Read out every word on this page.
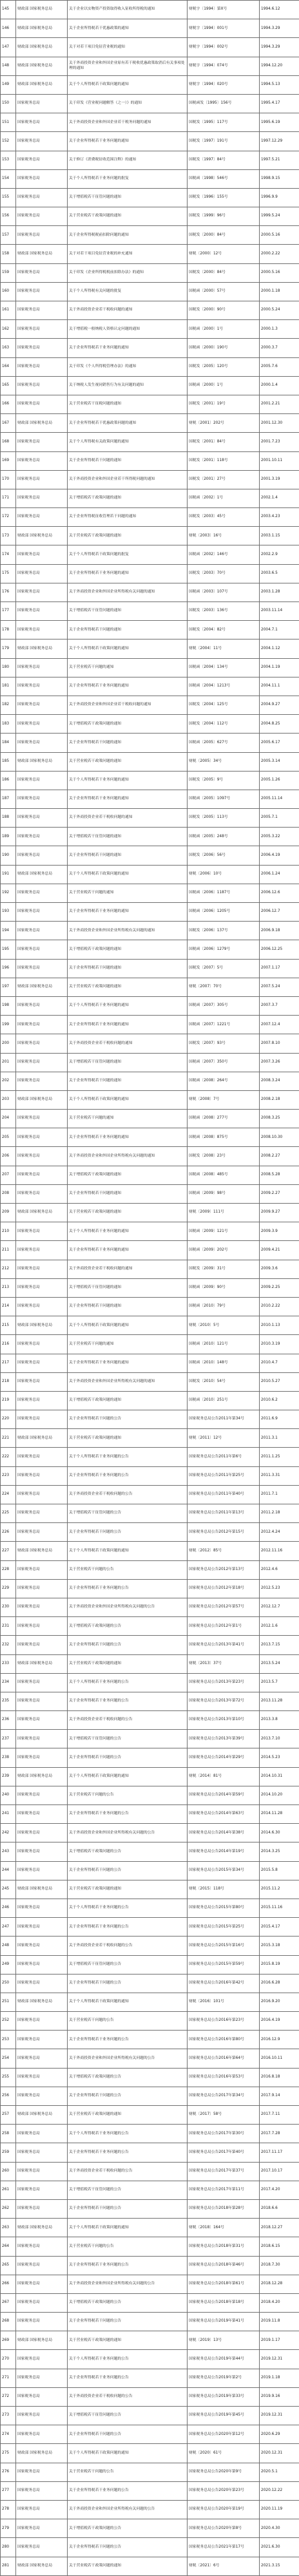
145	财政部 国家税务总局	关于企业以实物资产投资取得收入征收所得税的通知	财税字〔1994〕第X号	1994.6.12
146	财政部 国家税务总局	关于企业所得税若干优惠政策的通知	财税字〔1994〕001号	1994.3.29
147	财政部 国家税务总局	关于对若干项目免征营业税的通知	财税字〔1994〕002号	1994.3.29
148	财政部 国家税务总局	关于外商投资企业和外国企业原有若干税收优惠政策取消后有关事项处理的通知	财税字〔1994〕074号	1994.12.20
149	财政部 国家税务总局	关于个人所得税若干政策问题的通知	财税字〔1994〕020号	1994.5.13
150	国家税务总局	关于印发《营业税问题解答（之一）》的通知	国税函发〔1995〕156号	1995.4.17
151	国家税务总局	关于外商投资企业和外国企业若干税务问题的通知	国税发〔1995〕117号	1995.6.19
152	国家税务总局	关于企业所得税若干业务问题的通知	国税发〔1997〕191号	1997.12.29
153	国家税务总局	关于修订《消费税征收范围注释》的通知	国税发〔1997〕84号	1997.5.21
154	国家税务总局	关于个人所得税若干业务问题的批复	国税函〔1998〕546号	1998.9.15
155	国家税务总局	关于增值税若干征管问题的通知	国税发〔1996〕155号	1996.9.9
156	国家税务总局	关于营业税若干政策问题的通知	国税发〔1999〕96号	1999.5.24
157	国家税务总局	关于企业所得税税前扣除问题的通知	国税发〔2000〕84号	2000.5.16
158	财政部 国家税务总局	关于对若干项目免征营业税的补充通知	财税〔2000〕12号	2000.2.22
159	国家税务总局	关于印发《企业所得税税前扣除办法》的通知	国税发〔2000〕84号	2000.5.16
160	国家税务总局	关于个人所得税有关问题的批复	国税函〔2000〕57号	2000.1.18
161	国家税务总局	关于外商投资企业若干税收问题的通知	国税发〔2000〕90号	2000.5.24
162	国家税务总局	关于增值税一般纳税人资格认定问题的通知	国税函〔2000〕1号	2000.1.3
163	国家税务总局	关于企业所得税若干业务问题的通知	国税函〔2000〕190号	2000.3.7
164	国家税务总局	关于印发《个人所得税管理办法》的通知	国税发〔2005〕120号	2005.7.6
165	国家税务总局	关于纳税人发生视同销售行为有关问题的通知	国税函〔2000〕1号	2000.1.4
166	国家税务总局	关于营业税若干征税问题的通知	国税发〔2001〕19号	2001.2.21
167	财政部 国家税务总局	关于企业所得税若干优惠政策问题的通知	财税〔2001〕202号	2001.12.30
168	国家税务总局	关于个人所得税有关政策问题的通知	国税发〔2001〕84号	2001.7.23
169	国家税务总局	关于企业所得税若干问题的通知	国税发〔2001〕118号	2001.10.11
170	国家税务总局	关于外商投资企业和外国企业若干所得税问题的通知	国税发〔2001〕27号	2001.3.19
171	国家税务总局	关于增值税若干政策问题的通知	国税函〔2002〕1号	2002.1.4
172	国家税务总局	关于企业所得税征收管理若干问题的通知	国税发〔2003〕45号	2003.4.23
173	财政部 国家税务总局	关于营业税若干政策问题的通知	财税〔2003〕16号	2003.1.15
174	国家税务总局	关于个人所得税若干政策问题的批复	国税函〔2002〕146号	2002.2.9
175	国家税务总局	关于企业所得税若干业务问题的通知	国税发〔2003〕70号	2003.6.5
176	国家税务总局	关于外商投资企业和外国企业所得税有关问题的通知	国税函〔2003〕107号	2003.1.28
177	国家税务总局	关于增值税若干征管问题的通知	国税发〔2003〕136号	2003.11.14
178	国家税务总局	关于企业所得税若干问题的通知	国税发〔2004〕82号	2004.7.1
179	财政部 国家税务总局	关于个人所得税若干政策问题的通知	财税〔2004〕11号	2004.1.12
180	国家税务总局	关于营业税若干问题的通知	国税函〔2004〕134号	2004.1.19
181	国家税务总局	关于企业所得税若干业务问题的通知	国税函〔2004〕1213号	2004.11.1
182	国家税务总局	关于外商投资企业和外国企业若干税收问题的通知	国税发〔2004〕125号	2004.9.27
183	国家税务总局	关于增值税若干政策问题的通知	国税发〔2004〕112号	2004.8.25
184	国家税务总局	关于企业所得税若干问题的通知	国税函〔2005〕627号	2005.6.17
185	财政部 国家税务总局	关于营业税若干政策问题的通知	财税〔2005〕34号	2005.3.14
186	国家税务总局	关于个人所得税若干业务问题的通知	国税发〔2005〕9号	2005.1.26
187	国家税务总局	关于企业所得税若干业务问题的通知	国税函〔2005〕1097号	2005.11.14
188	国家税务总局	关于外商投资企业若干税收问题的通知	国税发〔2005〕113号	2005.7.1
189	国家税务总局	关于增值税若干征管问题的通知	国税函〔2005〕248号	2005.3.22
190	国家税务总局	关于企业所得税若干问题的通知	国税发〔2006〕56号	2006.4.19
191	财政部 国家税务总局	关于个人所得税若干政策问题的通知	财税〔2006〕10号	2006.1.24
192	国家税务总局	关于营业税若干问题的通知	国税函〔2006〕1187号	2006.12.6
193	国家税务总局	关于企业所得税若干业务问题的通知	国税函〔2006〕1205号	2006.12.7
194	国家税务总局	关于外商投资企业和外国企业所得税有关问题的通知	国税发〔2006〕137号	2006.9.18
195	国家税务总局	关于增值税若干政策问题的通知	国税函〔2006〕1279号	2006.12.25
196	国家税务总局	关于企业所得税若干问题的通知	国税发〔2007〕5号	2007.1.17
197	财政部 国家税务总局	关于营业税若干政策问题的通知	财税〔2007〕70号	2007.5.24
198	国家税务总局	关于个人所得税若干业务问题的通知	国税函〔2007〕305号	2007.3.7
199	国家税务总局	关于企业所得税若干业务问题的通知	国税函〔2007〕1221号	2007.12.4
200	国家税务总局	关于外商投资企业若干税收问题的通知	国税发〔2007〕93号	2007.8.10
201	国家税务总局	关于增值税若干征管问题的通知	国税函〔2007〕350号	2007.3.26
202	国家税务总局	关于企业所得税若干问题的通知	国税函〔2008〕264号	2008.3.24
203	财政部 国家税务总局	关于个人所得税若干政策问题的通知	财税〔2008〕7号	2008.2.18
204	国家税务总局	关于营业税若干问题的通知	国税函〔2008〕277号	2008.3.25
205	国家税务总局	关于企业所得税若干业务问题的通知	国税函〔2008〕875号	2008.10.30
206	国家税务总局	关于外商投资企业和外国企业所得税有关问题的通知	国税发〔2008〕23号	2008.2.27
207	国家税务总局	关于增值税若干政策问题的通知	国税函〔2008〕485号	2008.5.28
208	国家税务总局	关于企业所得税若干问题的通知	国税函〔2009〕98号	2009.2.27
209	财政部 国家税务总局	关于营业税若干政策问题的通知	财税〔2009〕111号	2009.9.27
210	国家税务总局	关于个人所得税若干业务问题的通知	国税函〔2009〕121号	2009.3.9
211	国家税务总局	关于企业所得税若干业务问题的通知	国税函〔2009〕202号	2009.4.21
212	国家税务总局	关于外商投资企业若干税收问题的通知	国税发〔2009〕31号	2009.3.6
213	国家税务总局	关于增值税若干征管问题的通知	国税函〔2009〕90号	2009.2.25
214	国家税务总局	关于企业所得税若干问题的通知	国税函〔2010〕79号	2010.2.22
215	财政部 国家税务总局	关于个人所得税若干政策问题的通知	财税〔2010〕5号	2010.1.13
216	国家税务总局	关于营业税若干问题的通知	国税函〔2010〕121号	2010.3.19
217	国家税务总局	关于企业所得税若干业务问题的通知	国税函〔2010〕148号	2010.4.7
218	国家税务总局	关于外商投资企业和外国企业所得税有关问题的通知	国税发〔2010〕54号	2010.5.27
219	国家税务总局	关于增值税若干政策问题的通知	国税函〔2010〕251号	2010.6.2
220	国家税务总局	关于企业所得税若干问题的公告	国家税务总局公告2011年第34号	2011.6.9
221	财政部 国家税务总局	关于营业税若干政策问题的通知	财税〔2011〕12号	2011.3.1
222	国家税务总局	关于个人所得税若干业务问题的公告	国家税务总局公告2011年第6号	2011.1.25
223	国家税务总局	关于企业所得税若干业务问题的公告	国家税务总局公告2011年第25号	2011.3.31
224	国家税务总局	关于外商投资企业若干税收问题的公告	国家税务总局公告2011年第40号	2011.7.1
225	国家税务总局	关于增值税若干征管问题的公告	国家税务总局公告2011年第13号	2011.2.18
226	国家税务总局	关于企业所得税若干问题的公告	国家税务总局公告2012年第15号	2012.4.24
227	财政部 国家税务总局	关于个人所得税若干政策问题的通知	财税〔2012〕85号	2012.11.16
228	国家税务总局	关于营业税若干问题的公告	国家税务总局公告2012年第13号	2012.4.6
229	国家税务总局	关于企业所得税若干业务问题的公告	国家税务总局公告2012年第18号	2012.5.23
230	国家税务总局	关于外商投资企业和外国企业所得税有关问题的公告	国家税务总局公告2012年第57号	2012.12.7
231	国家税务总局	关于增值税若干政策问题的公告	国家税务总局公告2012年第1号	2012.1.6
232	国家税务总局	关于企业所得税若干问题的公告	国家税务总局公告2013年第41号	2013.7.15
233	财政部 国家税务总局	关于营业税若干政策问题的通知	财税〔2013〕37号	2013.5.24
234	国家税务总局	关于个人所得税若干业务问题的公告	国家税务总局公告2013年第23号	2013.5.7
235	国家税务总局	关于企业所得税若干业务问题的公告	国家税务总局公告2013年第72号	2013.11.28
236	国家税务总局	关于外商投资企业若干税收问题的公告	国家税务总局公告2013年第10号	2013.3.8
237	国家税务总局	关于增值税若干征管问题的公告	国家税务总局公告2013年第39号	2013.7.10
238	国家税务总局	关于企业所得税若干问题的公告	国家税务总局公告2014年第29号	2014.5.23
239	财政部 国家税务总局	关于个人所得税若干政策问题的通知	财税〔2014〕81号	2014.10.31
240	国家税务总局	关于营业税若干问题的公告	国家税务总局公告2014年第59号	2014.10.20
241	国家税务总局	关于企业所得税若干业务问题的公告	国家税务总局公告2014年第63号	2014.11.28
242	国家税务总局	关于外商投资企业和外国企业所得税有关问题的公告	国家税务总局公告2014年第38号	2014.6.30
243	国家税务总局	关于增值税若干政策问题的公告	国家税务总局公告2014年第19号	2014.3.25
244	国家税务总局	关于企业所得税若干问题的公告	国家税务总局公告2015年第34号	2015.5.8
245	财政部 国家税务总局	关于营业税若干政策问题的通知	财税〔2015〕118号	2015.11.2
246	国家税务总局	关于个人所得税若干业务问题的公告	国家税务总局公告2015年第80号	2015.11.16
247	国家税务总局	关于企业所得税若干业务问题的公告	国家税务总局公告2015年第25号	2015.4.17
248	国家税务总局	关于外商投资企业若干税收问题的公告	国家税务总局公告2015年第16号	2015.3.18
249	国家税务总局	关于增值税若干征管问题的公告	国家税务总局公告2015年第59号	2015.8.19
250	国家税务总局	关于企业所得税若干问题的公告	国家税务总局公告2016年第42号	2016.6.28
251	财政部 国家税务总局	关于个人所得税若干政策问题的通知	财税〔2016〕101号	2016.9.20
252	国家税务总局	关于营业税若干问题的公告	国家税务总局公告2016年第23号	2016.4.19
253	国家税务总局	关于企业所得税若干业务问题的公告	国家税务总局公告2016年第80号	2016.12.9
254	国家税务总局	关于外商投资企业和外国企业所得税有关问题的公告	国家税务总局公告2016年第64号	2016.10.11
255	国家税务总局	关于增值税若干政策问题的公告	国家税务总局公告2016年第53号	2016.8.18
256	国家税务总局	关于企业所得税若干问题的公告	国家税务总局公告2017年第34号	2017.9.14
257	财政部 国家税务总局	关于营业税若干政策问题的通知	财税〔2017〕58号	2017.7.11
258	国家税务总局	关于个人所得税若干业务问题的公告	国家税务总局公告2017年第30号	2017.7.28
259	国家税务总局	关于企业所得税若干业务问题的公告	国家税务总局公告2017年第40号	2017.11.17
260	国家税务总局	关于外商投资企业若干税收问题的公告	国家税务总局公告2017年第37号	2017.10.17
261	国家税务总局	关于增值税若干征管问题的公告	国家税务总局公告2017年第11号	2017.4.20
262	国家税务总局	关于企业所得税若干问题的公告	国家税务总局公告2018年第28号	2018.6.6
263	财政部 国家税务总局	关于个人所得税若干政策问题的通知	财税〔2018〕164号	2018.12.27
264	国家税务总局	关于营业税若干问题的公告	国家税务总局公告2018年第31号	2018.6.15
265	国家税务总局	关于企业所得税若干业务问题的公告	国家税务总局公告2018年第46号	2018.7.30
266	国家税务总局	关于外商投资企业和外国企业所得税有关问题的公告	国家税务总局公告2018年第61号	2018.12.28
267	国家税务总局	关于增值税若干政策问题的公告	国家税务总局公告2018年第18号	2018.4.20
268	国家税务总局	关于企业所得税若干问题的公告	国家税务总局公告2019年第41号	2019.11.8
269	财政部 国家税务总局	关于营业税若干政策问题的通知	财税〔2019〕13号	2019.1.17
270	国家税务总局	关于个人所得税若干业务问题的公告	国家税务总局公告2019年第44号	2019.12.31
271	国家税务总局	关于企业所得税若干业务问题的公告	国家税务总局公告2019年第2号	2019.1.18
272	国家税务总局	关于外商投资企业若干税收问题的公告	国家税务总局公告2019年第33号	2019.9.16
273	国家税务总局	关于增值税若干征管问题的公告	国家税务总局公告2019年第45号	2019.12.31
274	国家税务总局	关于企业所得税若干问题的公告	国家税务总局公告2020年第12号	2020.6.29
275	财政部 国家税务总局	关于个人所得税若干政策问题的通知	财税〔2020〕61号	2020.12.31
276	国家税务总局	关于营业税若干问题的公告	国家税务总局公告2020年第9号	2020.5.1
277	国家税务总局	关于企业所得税若干业务问题的公告	国家税务总局公告2020年第23号	2020.12.22
278	国家税务总局	关于外商投资企业和外国企业所得税有关问题的公告	国家税务总局公告2020年第19号	2020.11.19
279	国家税务总局	关于增值税若干政策问题的公告	国家税务总局公告2020年第8号	2020.4.30
280	国家税务总局	关于企业所得税若干问题的公告	国家税务总局公告2021年第17号	2021.6.30
281	财政部 国家税务总局	关于营业税若干政策问题的通知	财税〔2021〕6号	2021.3.15
